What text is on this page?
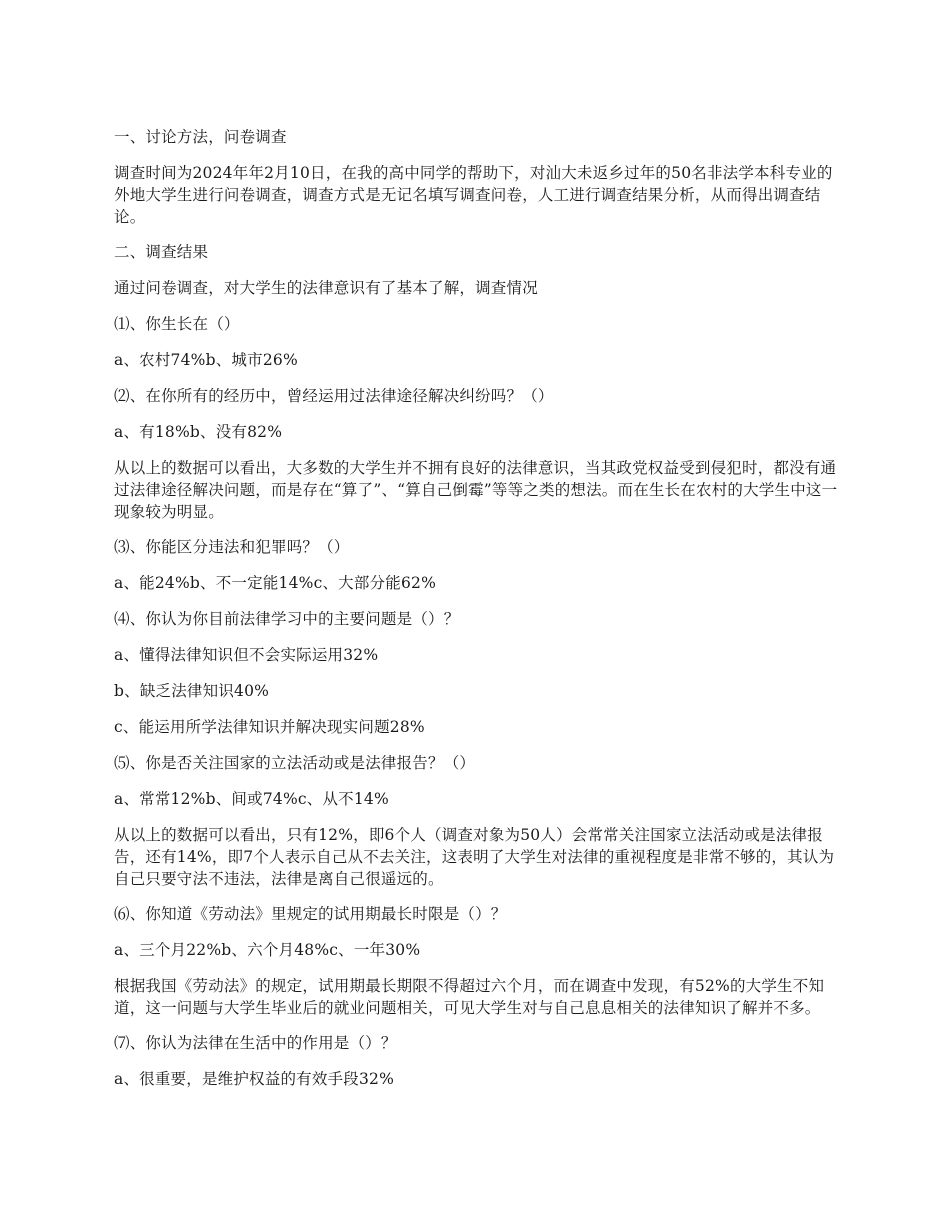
一、讨论方法，问卷调查

调查时间为2024年年2月10日，在我的高中同学的帮助下，对汕大未返乡过年的50名非法学本科专业的外地大学生进行问卷调查，调查方式是无记名填写调查问卷，人工进行调查结果分析，从而得出调查结论。

二、调查结果

通过问卷调查，对大学生的法律意识有了基本了解，调查情况

⑴、你生长在（）

a、农村74%b、城市26%

⑵、在你所有的经历中，曾经运用过法律途径解决纠纷吗？（）

a、有18%b、没有82%

从以上的数据可以看出，大多数的大学生并不拥有良好的法律意识，当其政党权益受到侵犯时，都没有通过法律途径解决问题，而是存在“算了”、“算自己倒霉”等等之类的想法。而在生长在农村的大学生中这一现象较为明显。

⑶、你能区分违法和犯罪吗？（）

a、能24%b、不一定能14%c、大部分能62%

⑷、你认为你目前法律学习中的主要问题是（）？

a、懂得法律知识但不会实际运用32%

b、缺乏法律知识40%

c、能运用所学法律知识并解决现实问题28%

⑸、你是否关注国家的立法活动或是法律报告？（）

a、常常12%b、间或74%c、从不14%

从以上的数据可以看出，只有12%，即6个人（调查对象为50人）会常常关注国家立法活动或是法律报告，还有14%，即7个人表示自己从不去关注，这表明了大学生对法律的重视程度是非常不够的，其认为自己只要守法不违法，法律是离自己很遥远的。

⑹、你知道《劳动法》里规定的试用期最长时限是（）？

a、三个月22%b、六个月48%c、一年30%

根据我国《劳动法》的规定，试用期最长期限不得超过六个月，而在调查中发现，有52%的大学生不知道，这一问题与大学生毕业后的就业问题相关，可见大学生对与自己息息相关的法律知识了解并不多。

⑺、你认为法律在生活中的作用是（）？

a、很重要，是维护权益的有效手段32%
